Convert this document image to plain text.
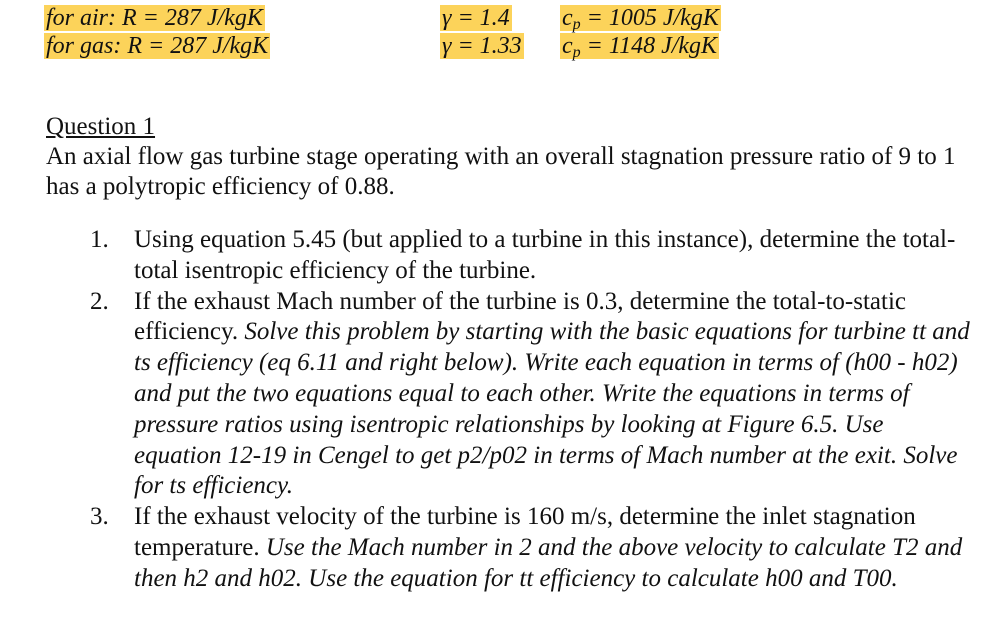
for air: R = 287 J/kgK
for gas: R = 287 J/kgK
γ = 1.4
γ = 1.33
$c_p = 1005$ J/kgK
$c_p = 1148$ J/kgK
Question 1
An axial flow gas turbine stage operating with an overall stagnation pressure ratio of 9 to 1 has a polytropic efficiency of 0.88.
1. Using equation 5.45 (but applied to a turbine in this instance), determine the total-total isentropic efficiency of the turbine.
2. If the exhaust Mach number of the turbine is 0.3, determine the total-to-static efficiency. Solve this problem by starting with the basic equations for turbine tt and ts efficiency (eq 6.11 and right below). Write each equation in terms of (h00 - h02) and put the two equations equal to each other. Write the equations in terms of pressure ratios using isentropic relationships by looking at Figure 6.5. Use equation 12-19 in Cengel to get p2/p02 in terms of Mach number at the exit. Solve for ts efficiency.
3. If the exhaust velocity of the turbine is 160 m/s, determine the inlet stagnation temperature. Use the Mach number in 2 and the above velocity to calculate T2 and then h2 and h02. Use the equation for tt efficiency to calculate h00 and T00.
